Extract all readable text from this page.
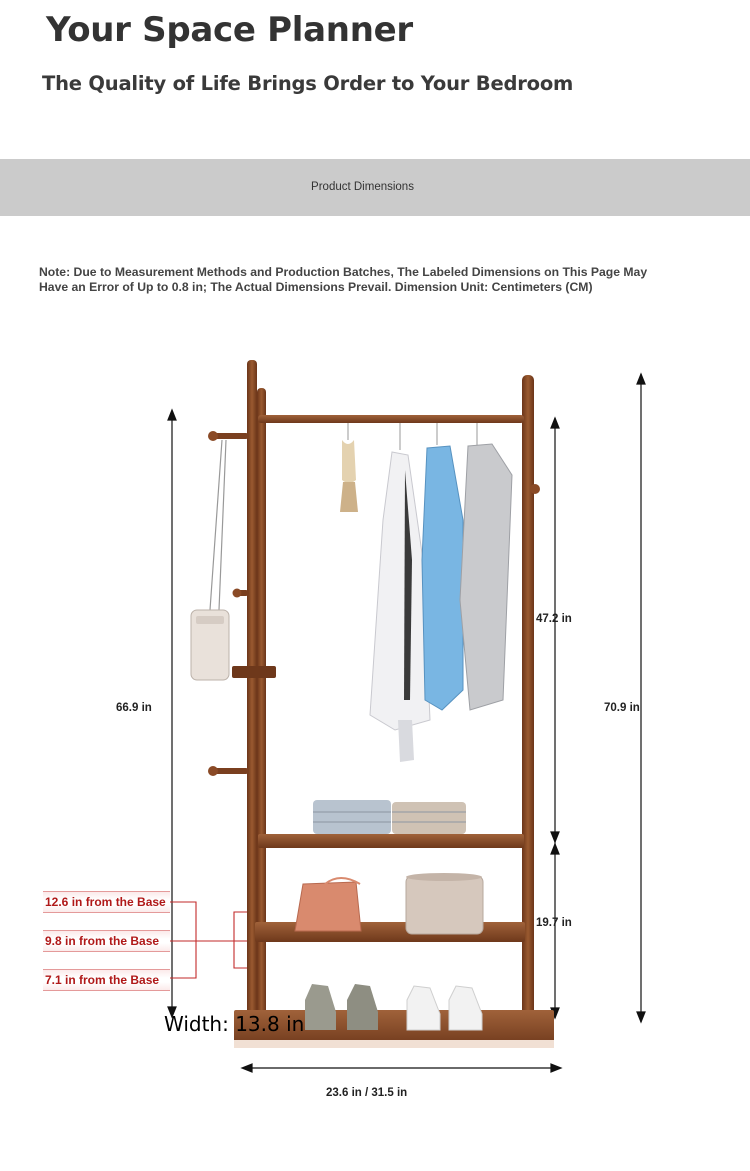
Your Space Planner
The Quality of Life Brings Order to Your Bedroom
Product Dimensions
Note: Due to Measurement Methods and Production Batches, The Labeled Dimensions on This Page May Have an Error of Up to 0.8 in; The Actual Dimensions Prevail. Dimension Unit: Centimeters (CM)
66.9 in
47.2 in
70.9 in
19.7 in
Width: 13.8 in
23.6 in / 31.5 in
12.6 in from the Base
9.8 in from the Base
7.1 in from the Base
